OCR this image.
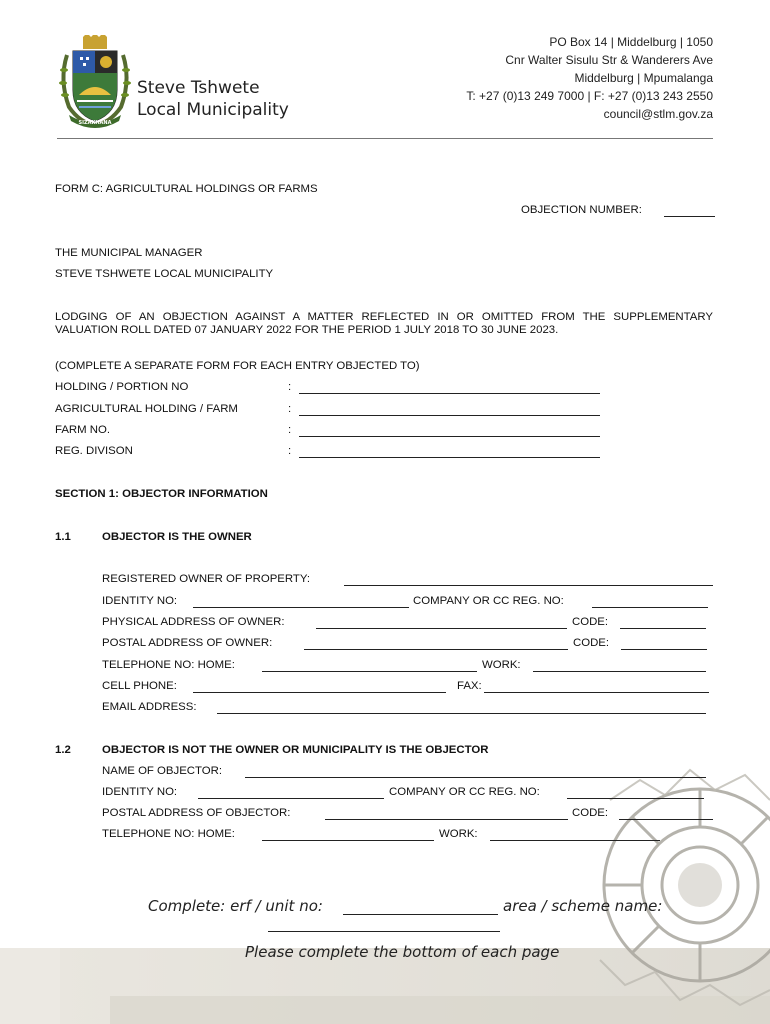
SIZAKHANA
Steve Tshwete
Local Municipality
PO Box 14 | Middelburg | 1050
Cnr Walter Sisulu Str & Wanderers Ave
Middelburg | Mpumalanga
T: +27 (0)13 249 7000 | F: +27 (0)13 243 2550
council@stlm.gov.za
FORM C: AGRICULTURAL HOLDINGS OR FARMS
OBJECTION NUMBER:
THE MUNICIPAL MANAGER
STEVE TSHWETE LOCAL MUNICIPALITY
LODGING OF AN OBJECTION AGAINST A MATTER REFLECTED IN OR OMITTED FROM THE SUPPLEMENTARY VALUATION ROLL DATED 07 JANUARY 2022 FOR THE PERIOD 1 JULY 2018 TO 30 JUNE 2023.
(COMPLETE A SEPARATE FORM FOR EACH ENTRY OBJECTED TO)
HOLDING / PORTION NO	:
AGRICULTURAL HOLDING / FARM	:
FARM NO.	:
REG. DIVISON	:
SECTION 1: OBJECTOR INFORMATION
1.1	OBJECTOR IS THE OWNER
REGISTERED OWNER OF PROPERTY:
IDENTITY NO:	COMPANY OR CC REG. NO:
PHYSICAL ADDRESS OF OWNER:	CODE:
POSTAL ADDRESS OF OWNER:	CODE:
TELEPHONE NO: HOME:	WORK:
CELL PHONE:	FAX:
EMAIL ADDRESS:
1.2	OBJECTOR IS NOT THE OWNER OR MUNICIPALITY IS THE OBJECTOR
NAME OF OBJECTOR:
IDENTITY NO:	COMPANY OR CC REG. NO:
POSTAL ADDRESS OF OBJECTOR:	CODE:
TELEPHONE NO: HOME:	WORK:
Complete: erf / unit no:	area / scheme name:
Please complete the bottom of each page
